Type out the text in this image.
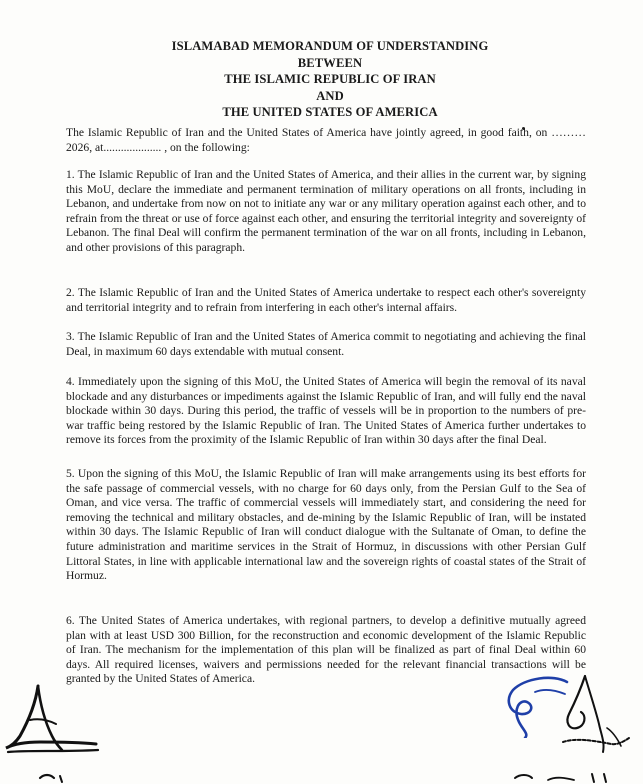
ISLAMABAD MEMORANDUM OF UNDERSTANDING
BETWEEN
THE ISLAMIC REPUBLIC OF IRAN
AND
THE UNITED STATES OF AMERICA

The Islamic Republic of Iran and the United States of America have jointly agreed, in good faith, on ……… 2026, at.................... , on the following:

1. The Islamic Republic of Iran and the United States of America, and their allies in the current war, by signing this MoU, declare the immediate and permanent termination of military operations on all fronts, including in Lebanon, and undertake from now on not to initiate any war or any military operation against each other, and to refrain from the threat or use of force against each other, and ensuring the territorial integrity and sovereignty of Lebanon. The final Deal will confirm the permanent termination of the war on all fronts, including in Lebanon, and other provisions of this paragraph.

2. The Islamic Republic of Iran and the United States of America undertake to respect each other's sovereignty and territorial integrity and to refrain from interfering in each other's internal affairs.

3. The Islamic Republic of Iran and the United States of America commit to negotiating and achieving the final Deal, in maximum 60 days extendable with mutual consent.

4. Immediately upon the signing of this MoU, the United States of America will begin the removal of its naval blockade and any disturbances or impediments against the Islamic Republic of Iran, and will fully end the naval blockade within 30 days. During this period, the traffic of vessels will be in proportion to the numbers of pre-war traffic being restored by the Islamic Republic of Iran. The United States of America further undertakes to remove its forces from the proximity of the Islamic Republic of Iran within 30 days after the final Deal.

5. Upon the signing of this MoU, the Islamic Republic of Iran will make arrangements using its best efforts for the safe passage of commercial vessels, with no charge for 60 days only, from the Persian Gulf to the Sea of Oman, and vice versa. The traffic of commercial vessels will immediately start, and considering the need for removing the technical and military obstacles, and de-mining by the Islamic Republic of Iran, will be instated within 30 days. The Islamic Republic of Iran will conduct dialogue with the Sultanate of Oman, to define the future administration and maritime services in the Strait of Hormuz, in discussions with other Persian Gulf Littoral States, in line with applicable international law and the sovereign rights of coastal states of the Strait of Hormuz.

6. The United States of America undertakes, with regional partners, to develop a definitive mutually agreed plan with at least USD 300 Billion, for the reconstruction and economic development of the Islamic Republic of Iran. The mechanism for the implementation of this plan will be finalized as part of final Deal within 60 days. All required licenses, waivers and permissions needed for the relevant financial transactions will be granted by the United States of America.
